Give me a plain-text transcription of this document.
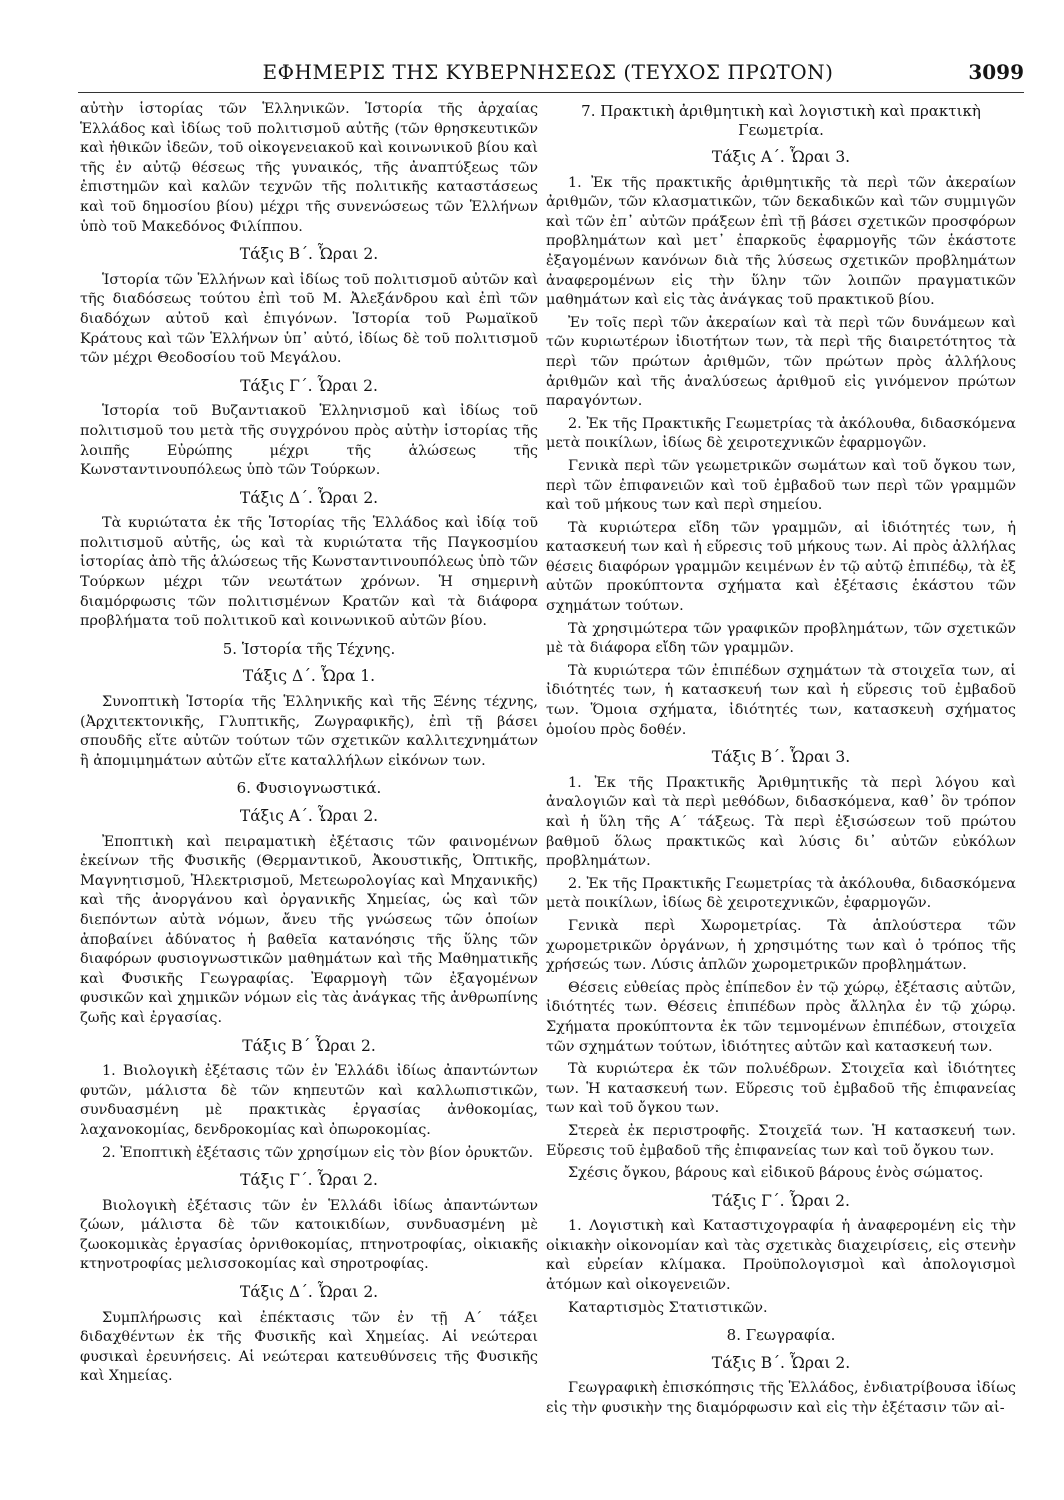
ΕΦΗΜΕΡΙΣ ΤΗΣ ΚΥΒΕΡΝΗΣΕΩΣ (ΤΕΥΧΟΣ ΠΡΩΤΟΝ)	3099

αὐτὴν ἱστορίας τῶν Ἑλληνικῶν. Ἱστορία τῆς ἀρχαίας Ἑλλάδος καὶ ἰδίως τοῦ πολιτισμοῦ αὐτῆς (τῶν θρησκευτικῶν καὶ ἠθικῶν ἰδεῶν, τοῦ οἰκογενειακοῦ καὶ κοινωνικοῦ βίου καὶ τῆς ἐν αὐτῷ θέσεως τῆς γυναικός, τῆς ἀναπτύξεως τῶν ἐπιστημῶν καὶ καλῶν τεχνῶν τῆς πολιτικῆς καταστάσεως καὶ τοῦ δημοσίου βίου) μέχρι τῆς συνενώσεως τῶν Ἑλλήνων ὑπὸ τοῦ Μακεδόνος Φιλίππου.

Τάξις Β΄. Ὧραι 2.

Ἱστορία τῶν Ἑλλήνων καὶ ἰδίως τοῦ πολιτισμοῦ αὐτῶν καὶ τῆς διαδόσεως τούτου ἐπὶ τοῦ Μ. Ἀλεξάνδρου καὶ ἐπὶ τῶν διαδόχων αὐτοῦ καὶ ἐπιγόνων. Ἱστορία τοῦ Ρωμαϊκοῦ Κράτους καὶ τῶν Ἑλλήνων ὑπ᾽ αὐτό, ἰδίως δὲ τοῦ πολιτισμοῦ τῶν μέχρι Θεοδοσίου τοῦ Μεγάλου.

Τάξις Γ΄. Ὧραι 2.

Ἱστορία τοῦ Βυζαντιακοῦ Ἑλληνισμοῦ καὶ ἰδίως τοῦ πολιτισμοῦ του μετὰ τῆς συγχρόνου πρὸς αὐτὴν ἱστορίας τῆς λοιπῆς Εὐρώπης μέχρι τῆς ἁλώσεως τῆς Κωνσταντινουπόλεως ὑπὸ τῶν Τούρκων.

Τάξις Δ΄. Ὧραι 2.

Τὰ κυριώτατα ἐκ τῆς Ἱστορίας τῆς Ἑλλάδος καὶ ἰδίᾳ τοῦ πολιτισμοῦ αὐτῆς, ὡς καὶ τὰ κυριώτατα τῆς Παγκοσμίου ἱστορίας ἀπὸ τῆς ἁλώσεως τῆς Κωνσταντινουπόλεως ὑπὸ τῶν Τούρκων μέχρι τῶν νεωτάτων χρόνων. Ἡ σημερινὴ διαμόρφωσις τῶν πολιτισμένων Κρατῶν καὶ τὰ διάφορα προβλήματα τοῦ πολιτικοῦ καὶ κοινωνικοῦ αὐτῶν βίου.

5. Ἱστορία τῆς Τέχνης.
Τάξις Δ΄. Ὧρα 1.

Συνοπτικὴ Ἱστορία τῆς Ἑλληνικῆς καὶ τῆς Ξένης τέχνης, (Ἀρχιτεκτονικῆς, Γλυπτικῆς, Ζωγραφικῆς), ἐπὶ τῇ βάσει σπουδῆς εἴτε αὐτῶν τούτων τῶν σχετικῶν καλλιτεχνημάτων ἢ ἀπομιμημάτων αὐτῶν εἴτε καταλλήλων εἰκόνων των.

6. Φυσιογνωστικά.
Τάξις Α΄. Ὧραι 2.

Ἐποπτικὴ καὶ πειραματικὴ ἐξέτασις τῶν φαινομένων ἐκείνων τῆς Φυσικῆς (Θερμαντικοῦ, Ἀκουστικῆς, Ὀπτικῆς, Μαγνητισμοῦ, Ἠλεκτρισμοῦ, Μετεωρολογίας καὶ Μηχανικῆς) καὶ τῆς ἀνοργάνου καὶ ὀργανικῆς Χημείας, ὡς καὶ τῶν διεπόντων αὐτὰ νόμων, ἄνευ τῆς γνώσεως τῶν ὁποίων ἀποβαίνει ἀδύνατος ἡ βαθεῖα κατανόησις τῆς ὕλης τῶν διαφόρων φυσιογνωστικῶν μαθημάτων καὶ τῆς Μαθηματικῆς καὶ Φυσικῆς Γεωγραφίας. Ἐφαρμογὴ τῶν ἐξαγομένων φυσικῶν καὶ χημικῶν νόμων εἰς τὰς ἀνάγκας τῆς ἀνθρωπίνης ζωῆς καὶ ἐργασίας.

Τάξις Β΄ Ὧραι 2.

1. Βιολογικὴ ἐξέτασις τῶν ἐν Ἑλλάδι ἰδίως ἀπαντώντων φυτῶν, μάλιστα δὲ τῶν κηπευτῶν καὶ καλλωπιστικῶν, συνδυασμένη μὲ πρακτικὰς ἐργασίας ἀνθοκομίας, λαχανοκομίας, δενδροκομίας καὶ ὀπωροκομίας.

2. Ἐποπτικὴ ἐξέτασις τῶν χρησίμων εἰς τὸν βίον ὀρυκτῶν.

Τάξις Γ΄. Ὧραι 2.

Βιολογικὴ ἐξέτασις τῶν ἐν Ἑλλάδι ἰδίως ἀπαντώντων ζώων, μάλιστα δὲ τῶν κατοικιδίων, συνδυασμένη μὲ ζωοκομικὰς ἐργασίας ὀρνιθοκομίας, πτηνοτροφίας, οἰκιακῆς κτηνοτροφίας μελισσοκομίας καὶ σηροτροφίας.

Τάξις Δ΄. Ὧραι 2.

Συμπλήρωσις καὶ ἐπέκτασις τῶν ἐν τῇ Α΄ τάξει διδαχθέντων ἐκ τῆς Φυσικῆς καὶ Χημείας. Αἱ νεώτεραι φυσικαὶ ἐρευνήσεις. Αἱ νεώτεραι κατευθύνσεις τῆς Φυσικῆς καὶ Χημείας.

7. Πρακτικὴ ἀριθμητικὴ καὶ λογιστικὴ καὶ πρακτικὴ Γεωμετρία.
Τάξις Α΄. Ὧραι 3.

1. Ἐκ τῆς πρακτικῆς ἀριθμητικῆς τὰ περὶ τῶν ἀκεραίων ἀριθμῶν, τῶν κλασματικῶν, τῶν δεκαδικῶν καὶ τῶν συμμιγῶν καὶ τῶν ἐπ᾽ αὐτῶν πράξεων ἐπὶ τῇ βάσει σχετικῶν προσφόρων προβλημάτων καὶ μετ᾽ ἐπαρκοῦς ἐφαρμογῆς τῶν ἑκάστοτε ἐξαγομένων κανόνων διὰ τῆς λύσεως σχετικῶν προβλημάτων ἀναφερομένων εἰς τὴν ὕλην τῶν λοιπῶν πραγματικῶν μαθημάτων καὶ εἰς τὰς ἀνάγκας τοῦ πρακτικοῦ βίου.

Ἐν τοῖς περὶ τῶν ἀκεραίων καὶ τὰ περὶ τῶν δυνάμεων καὶ τῶν κυριωτέρων ἰδιοτήτων των, τὰ περὶ τῆς διαιρετότητος τὰ περὶ τῶν πρώτων ἀριθμῶν, τῶν πρώτων πρὸς ἀλλήλους ἀριθμῶν καὶ τῆς ἀναλύσεως ἀριθμοῦ εἰς γινόμενον πρώτων παραγόντων.

2. Ἐκ τῆς Πρακτικῆς Γεωμετρίας τὰ ἀκόλουθα, διδασκόμενα μετὰ ποικίλων, ἰδίως δὲ χειροτεχνικῶν ἐφαρμογῶν.

Γενικὰ περὶ τῶν γεωμετρικῶν σωμάτων καὶ τοῦ ὄγκου των, περὶ τῶν ἐπιφανειῶν καὶ τοῦ ἐμβαδοῦ των περὶ τῶν γραμμῶν καὶ τοῦ μήκους των καὶ περὶ σημείου.

Τὰ κυριώτερα εἴδη τῶν γραμμῶν, αἱ ἰδιότητές των, ἡ κατασκευή των καὶ ἡ εὕρεσις τοῦ μήκους των. Αἱ πρὸς ἀλλήλας θέσεις διαφόρων γραμμῶν κειμένων ἐν τῷ αὐτῷ ἐπιπέδῳ, τὰ ἐξ αὐτῶν προκύπτοντα σχήματα καὶ ἐξέτασις ἑκάστου τῶν σχημάτων τούτων.

Τὰ χρησιμώτερα τῶν γραφικῶν προβλημάτων, τῶν σχετικῶν μὲ τὰ διάφορα εἴδη τῶν γραμμῶν.

Τὰ κυριώτερα τῶν ἐπιπέδων σχημάτων τὰ στοιχεῖα των, αἱ ἰδιότητές των, ἡ κατασκευή των καὶ ἡ εὕρεσις τοῦ ἐμβαδοῦ των. Ὅμοια σχήματα, ἰδιότητές των, κατασκευὴ σχήματος ὁμοίου πρὸς δοθέν.

Τάξις Β΄. Ὧραι 3.

1. Ἐκ τῆς Πρακτικῆς Ἀριθμητικῆς τὰ περὶ λόγου καὶ ἀναλογιῶν καὶ τὰ περὶ μεθόδων, διδασκόμενα, καθ᾽ ὃν τρόπον καὶ ἡ ὕλη τῆς Α΄ τάξεως. Τὰ περὶ ἐξισώσεων τοῦ πρώτου βαθμοῦ ὅλως πρακτικῶς καὶ λύσις δι᾽ αὐτῶν εὐκόλων προβλημάτων.

2. Ἐκ τῆς Πρακτικῆς Γεωμετρίας τὰ ἀκόλουθα, διδασκόμενα μετὰ ποικίλων, ἰδίως δὲ χειροτεχνικῶν, ἐφαρμογῶν.

Γενικὰ περὶ Χωρομετρίας. Τὰ ἁπλούστερα τῶν χωρομετρικῶν ὀργάνων, ἡ χρησιμότης των καὶ ὁ τρόπος τῆς χρήσεώς των. Λύσις ἁπλῶν χωρομετρικῶν προβλημάτων.

Θέσεις εὐθείας πρὸς ἐπίπεδον ἐν τῷ χώρῳ, ἐξέτασις αὐτῶν, ἰδιότητές των. Θέσεις ἐπιπέδων πρὸς ἄλληλα ἐν τῷ χώρῳ. Σχήματα προκύπτοντα ἐκ τῶν τεμνομένων ἐπιπέδων, στοιχεῖα τῶν σχημάτων τούτων, ἰδιότητες αὐτῶν καὶ κατασκευή των.

Τὰ κυριώτερα ἐκ τῶν πολυέδρων. Στοιχεῖα καὶ ἰδιότητες των. Ἡ κατασκευή των. Εὕρεσις τοῦ ἐμβαδοῦ τῆς ἐπιφανείας των καὶ τοῦ ὄγκου των.

Στερεὰ ἐκ περιστροφῆς. Στοιχεῖά των. Ἡ κατασκευή των. Εὕρεσις τοῦ ἐμβαδοῦ τῆς ἐπιφανείας των καὶ τοῦ ὄγκου των.

Σχέσις ὄγκου, βάρους καὶ εἰδικοῦ βάρους ἑνὸς σώματος.

Τάξις Γ΄. Ὧραι 2.

1. Λογιστικὴ καὶ Καταστιχογραφία ἡ ἀναφερομένη εἰς τὴν οἰκιακὴν οἰκονομίαν καὶ τὰς σχετικὰς διαχειρίσεις, εἰς στενὴν καὶ εὐρείαν κλίμακα. Προϋπολογισμοὶ καὶ ἀπολογισμοὶ ἀτόμων καὶ οἰκογενειῶν.

Καταρτισμὸς Στατιστικῶν.

8. Γεωγραφία.
Τάξις Β΄. Ὧραι 2.

Γεωγραφικὴ ἐπισκόπησις τῆς Ἑλλάδος, ἐνδιατρίβουσα ἰδίως εἰς τὴν φυσικὴν της διαμόρφωσιν καὶ εἰς τὴν ἐξέτασιν τῶν αἰ-
